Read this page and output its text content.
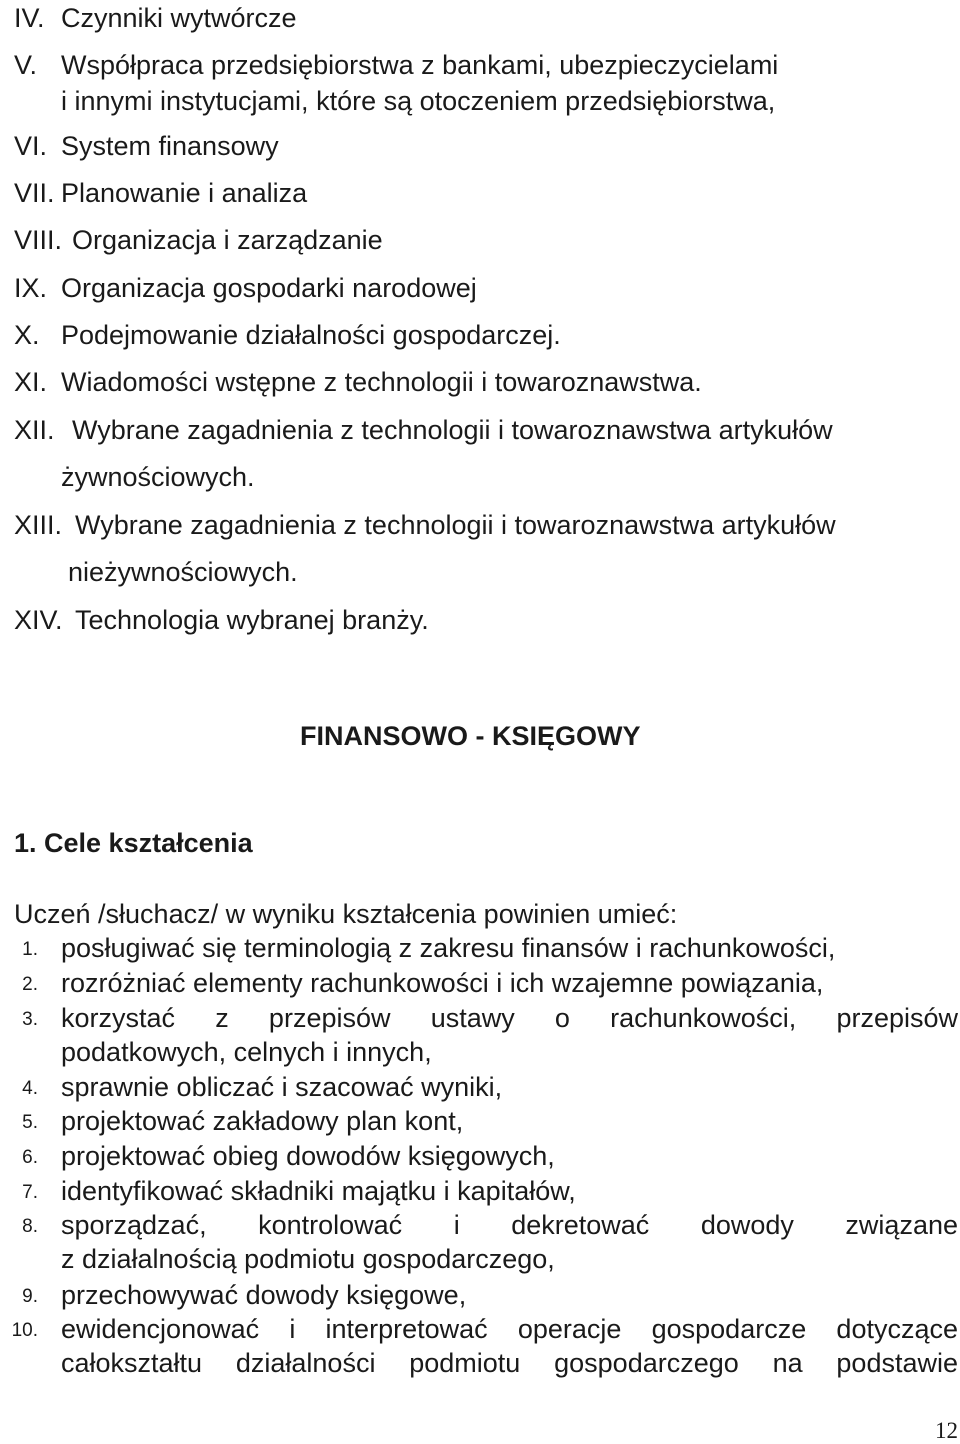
IV. Czynniki wytwórcze
V. Współpraca przedsiębiorstwa z bankami, ubezpieczycielami
i innymi instytucjami, które są otoczeniem przedsiębiorstwa,
VI. System finansowy
VII. Planowanie i analiza
VIII. Organizacja i zarządzanie
IX. Organizacja gospodarki narodowej
X. Podejmowanie działalności gospodarczej.
XI. Wiadomości wstępne z technologii i towaroznawstwa.
XII. Wybrane zagadnienia z technologii i towaroznawstwa artykułów
żywnościowych.
XIII. Wybrane zagadnienia z technologii i towaroznawstwa artykułów
nieżywnościowych.
XIV. Technologia wybranej branży.
FINANSOWO - KSIĘGOWY
1. Cele kształcenia
Uczeń /słuchacz/ w wyniku kształcenia powinien umieć:
1. posługiwać się terminologią z zakresu finansów i rachunkowości,
2. rozróżniać elementy rachunkowości i ich wzajemne powiązania,
3. korzystać z przepisów ustawy o rachunkowości, przepisów
podatkowych, celnych i innych,
4. sprawnie obliczać i szacować wyniki,
5. projektować zakładowy plan kont,
6. projektować obieg dowodów księgowych,
7. identyfikować składniki majątku i kapitałów,
8. sporządzać, kontrolować i dekretować dowody związane
z działalnością podmiotu gospodarczego,
9. przechowywać dowody księgowe,
10. ewidencjonować i interpretować operacje gospodarcze dotyczące
całokształtu działalności podmiotu gospodarczego na podstawie
12
